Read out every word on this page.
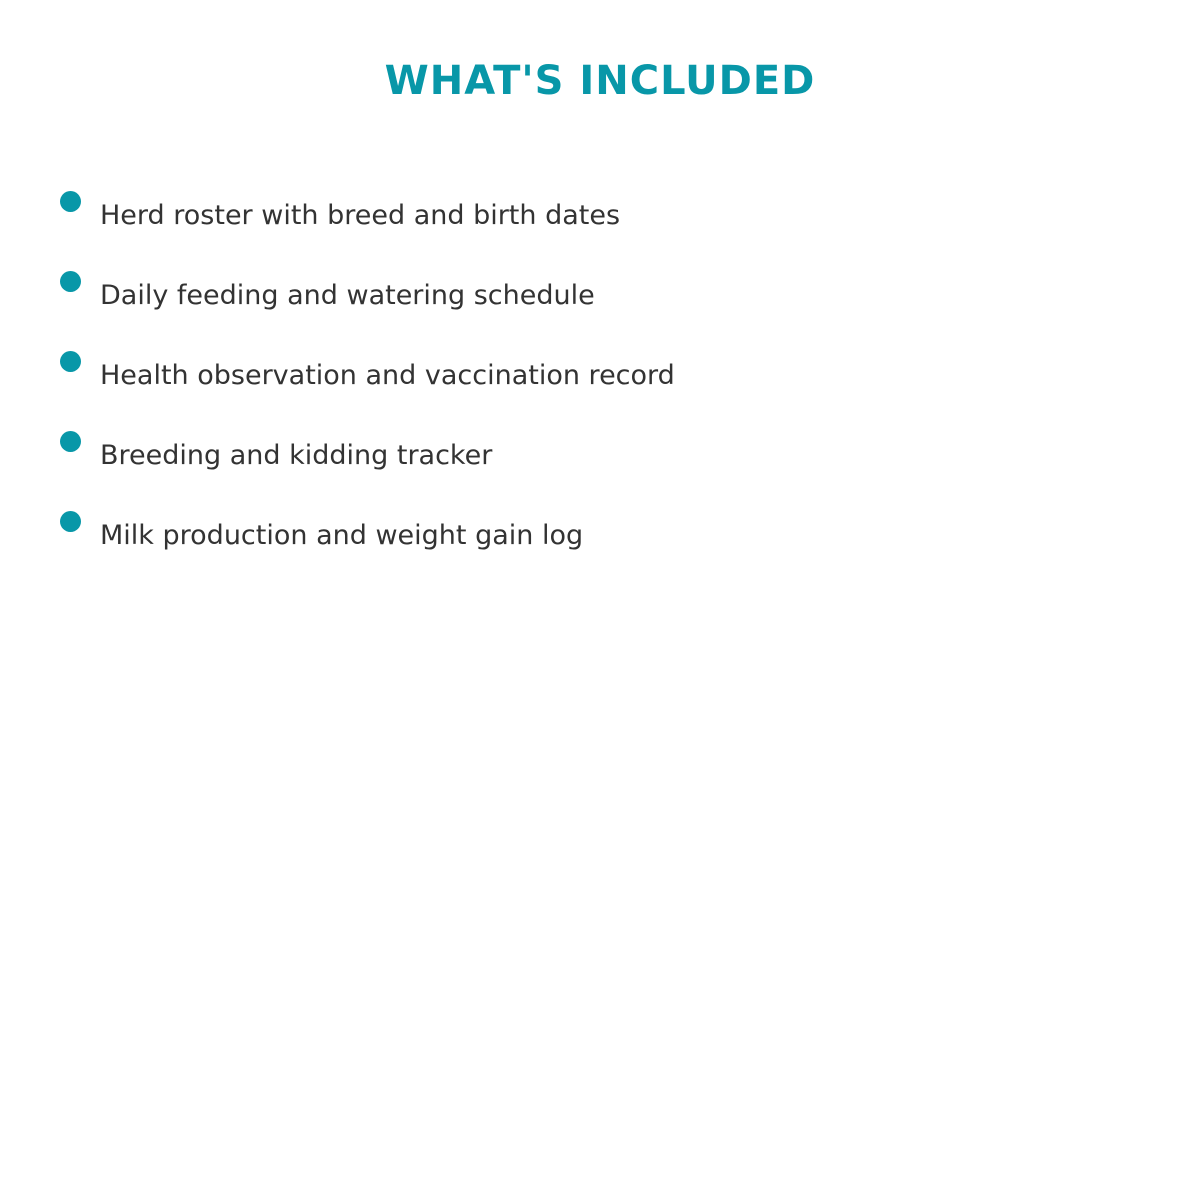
WHAT'S INCLUDED
Herd roster with breed and birth dates
Daily feeding and watering schedule
Health observation and vaccination record
Breeding and kidding tracker
Milk production and weight gain log
